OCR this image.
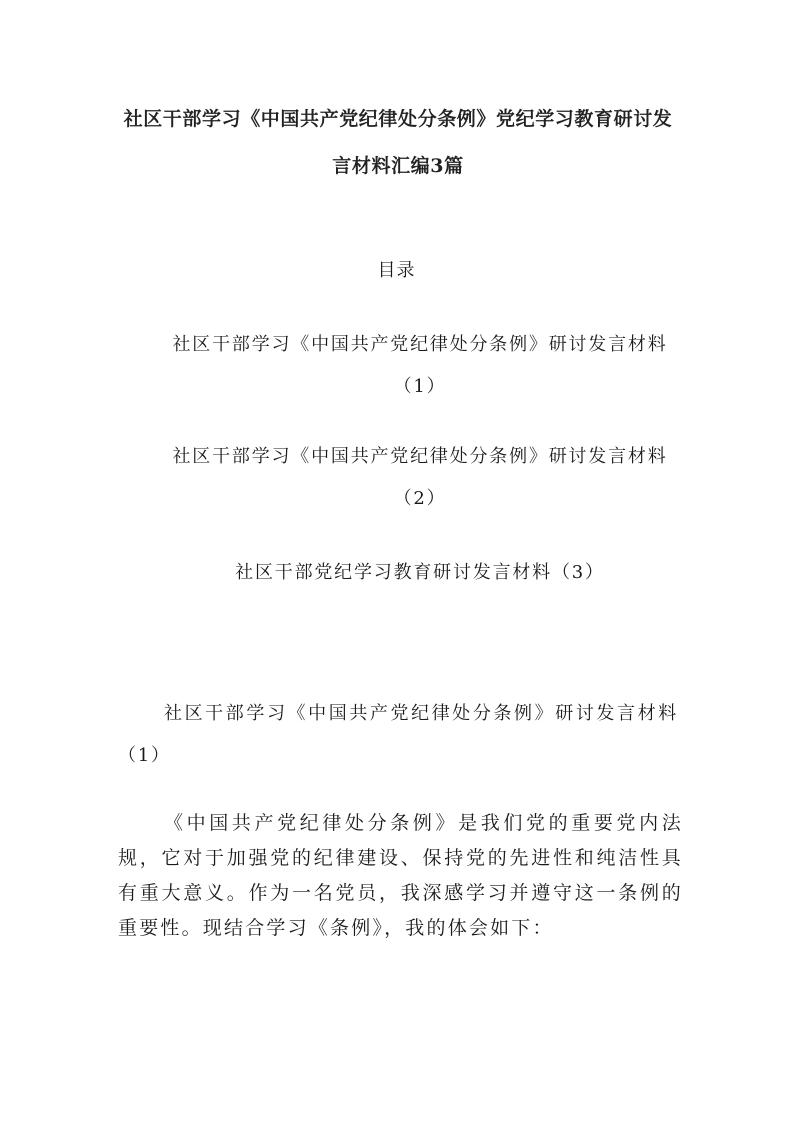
社区干部学习《中国共产党纪律处分条例》党纪学习教育研讨发言材料汇编3篇
目录
社区干部学习《中国共产党纪律处分条例》研讨发言材料（1）
社区干部学习《中国共产党纪律处分条例》研讨发言材料（2）
社区干部党纪学习教育研讨发言材料（3）
社区干部学习《中国共产党纪律处分条例》研讨发言材料（1）
《中国共产党纪律处分条例》是我们党的重要党内法规，它对于加强党的纪律建设、保持党的先进性和纯洁性具有重大意义。作为一名党员，我深感学习并遵守这一条例的重要性。现结合学习《条例》，我的体会如下：
